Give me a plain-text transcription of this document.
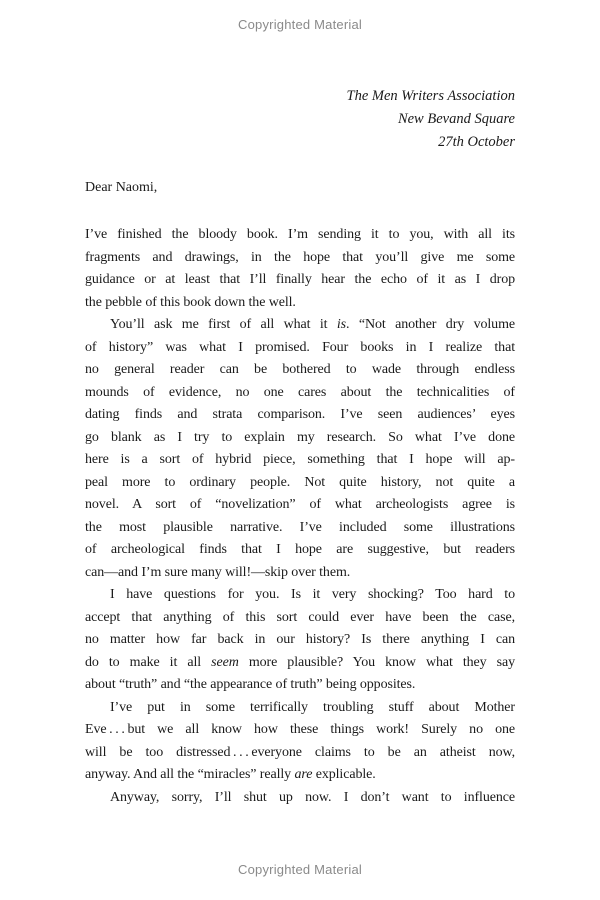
Copyrighted Material
The Men Writers Association
New Bevand Square
27th October
Dear Naomi,
I’ve finished the bloody book. I’m sending it to you, with all its
fragments and drawings, in the hope that you’ll give me some
guidance or at least that I’ll finally hear the echo of it as I drop
the pebble of this book down the well.
You’ll ask me first of all what it is. “Not another dry volume
of history” was what I promised. Four books in I realize that
no general reader can be bothered to wade through endless
mounds of evidence, no one cares about the technicalities of
dating finds and strata comparison. I’ve seen audiences’ eyes
go blank as I try to explain my research. So what I’ve done
here is a sort of hybrid piece, something that I hope will ap-
peal more to ordinary people. Not quite history, not quite a
novel. A sort of “novelization” of what archeologists agree is
the most plausible narrative. I’ve included some illustrations
of archeological finds that I hope are suggestive, but readers
can—and I’m sure many will!—skip over them.
I have questions for you. Is it very shocking? Too hard to
accept that anything of this sort could ever have been the case,
no matter how far back in our history? Is there anything I can
do to make it all seem more plausible? You know what they say
about “truth” and “the appearance of truth” being opposites.
I’ve put in some terrifically troubling stuff about Mother
Eve . . . but we all know how these things work! Surely no one
will be too distressed . . . everyone claims to be an atheist now,
anyway. And all the “miracles” really are explicable.
Anyway, sorry, I’ll shut up now. I don’t want to influence
Copyrighted Material
